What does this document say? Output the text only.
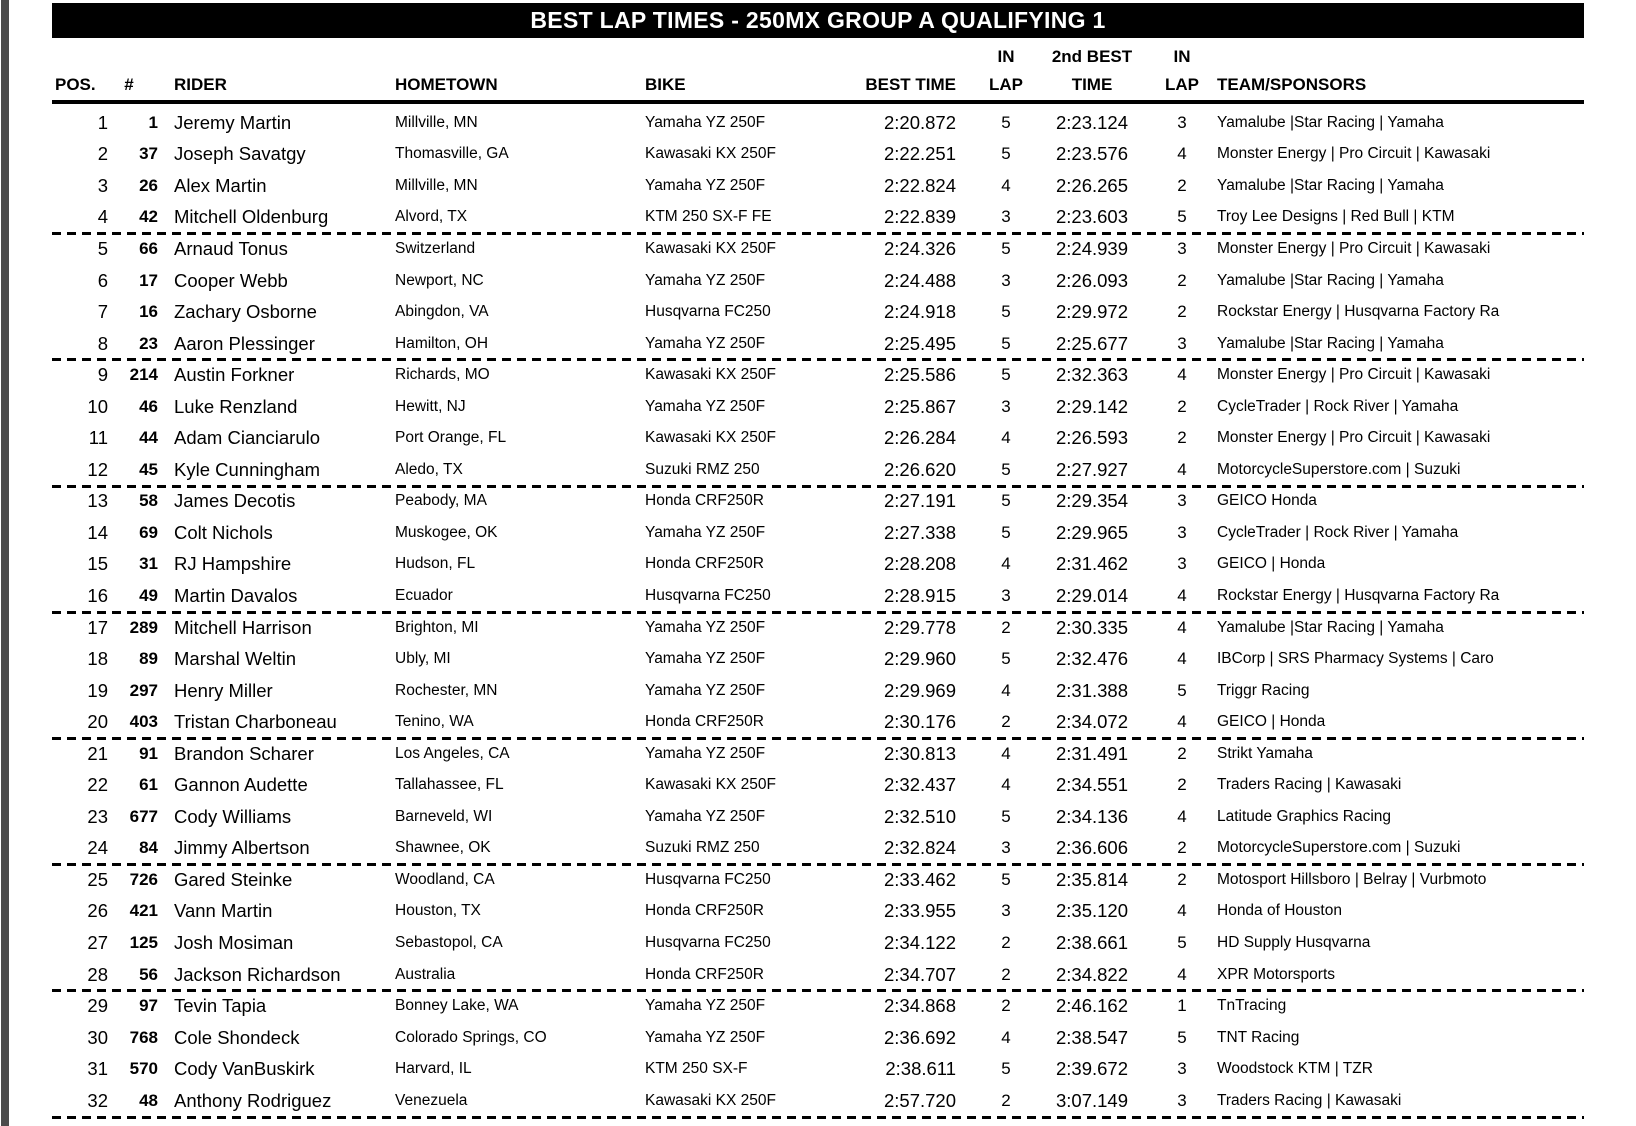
BEST LAP TIMES - 250MX GROUP A QUALIFYING 1
IN	2nd BEST	IN
POS.	#	RIDER	HOMETOWN	BIKE	BEST TIME	LAP	TIME	LAP	TEAM/SPONSORS
1	1 Jeremy Martin	Millville, MN	Yamaha YZ 250F	2:20.872	5	2:23.124	3	Yamalube |Star Racing | Yamaha
2	37 Joseph Savatgy	Thomasville, GA	Kawasaki KX 250F	2:22.251	5	2:23.576	4	Monster Energy | Pro Circuit | Kawasaki
3	26 Alex Martin	Millville, MN	Yamaha YZ 250F	2:22.824	4	2:26.265	2	Yamalube |Star Racing | Yamaha
4	42 Mitchell Oldenburg	Alvord, TX	KTM 250 SX-F FE	2:22.839	3	2:23.603	5	Troy Lee Designs | Red Bull | KTM
5	66 Arnaud Tonus	Switzerland	Kawasaki KX 250F	2:24.326	5	2:24.939	3	Monster Energy | Pro Circuit | Kawasaki
6	17 Cooper Webb	Newport, NC	Yamaha YZ 250F	2:24.488	3	2:26.093	2	Yamalube |Star Racing | Yamaha
7	16 Zachary Osborne	Abingdon, VA	Husqvarna FC250	2:24.918	5	2:29.972	2	Rockstar Energy | Husqvarna Factory Ra
8	23 Aaron Plessinger	Hamilton, OH	Yamaha YZ 250F	2:25.495	5	2:25.677	3	Yamalube |Star Racing | Yamaha
9	214 Austin Forkner	Richards, MO	Kawasaki KX 250F	2:25.586	5	2:32.363	4	Monster Energy | Pro Circuit | Kawasaki
10	46 Luke Renzland	Hewitt, NJ	Yamaha YZ 250F	2:25.867	3	2:29.142	2	CycleTrader | Rock River | Yamaha
11	44 Adam Cianciarulo	Port Orange, FL	Kawasaki KX 250F	2:26.284	4	2:26.593	2	Monster Energy | Pro Circuit | Kawasaki
12	45 Kyle Cunningham	Aledo, TX	Suzuki RMZ 250	2:26.620	5	2:27.927	4	MotorcycleSuperstore.com | Suzuki
13	58 James Decotis	Peabody, MA	Honda CRF250R	2:27.191	5	2:29.354	3	GEICO Honda
14	69 Colt Nichols	Muskogee, OK	Yamaha YZ 250F	2:27.338	5	2:29.965	3	CycleTrader | Rock River | Yamaha
15	31 RJ Hampshire	Hudson, FL	Honda CRF250R	2:28.208	4	2:31.462	3	GEICO | Honda
16	49 Martin Davalos	Ecuador	Husqvarna FC250	2:28.915	3	2:29.014	4	Rockstar Energy | Husqvarna Factory Ra
17	289 Mitchell Harrison	Brighton, MI	Yamaha YZ 250F	2:29.778	2	2:30.335	4	Yamalube |Star Racing | Yamaha
18	89 Marshal Weltin	Ubly, MI	Yamaha YZ 250F	2:29.960	5	2:32.476	4	IBCorp | SRS Pharmacy Systems | Caro
19	297 Henry Miller	Rochester, MN	Yamaha YZ 250F	2:29.969	4	2:31.388	5	Triggr Racing
20	403 Tristan Charboneau	Tenino, WA	Honda CRF250R	2:30.176	2	2:34.072	4	GEICO | Honda
21	91 Brandon Scharer	Los Angeles, CA	Yamaha YZ 250F	2:30.813	4	2:31.491	2	Strikt Yamaha
22	61 Gannon Audette	Tallahassee, FL	Kawasaki KX 250F	2:32.437	4	2:34.551	2	Traders Racing | Kawasaki
23	677 Cody Williams	Barneveld, WI	Yamaha YZ 250F	2:32.510	5	2:34.136	4	Latitude Graphics Racing
24	84 Jimmy Albertson	Shawnee, OK	Suzuki RMZ 250	2:32.824	3	2:36.606	2	MotorcycleSuperstore.com | Suzuki
25	726 Gared Steinke	Woodland, CA	Husqvarna FC250	2:33.462	5	2:35.814	2	Motosport Hillsboro | Belray | Vurbmoto
26	421 Vann Martin	Houston, TX	Honda CRF250R	2:33.955	3	2:35.120	4	Honda of Houston
27	125 Josh Mosiman	Sebastopol, CA	Husqvarna FC250	2:34.122	2	2:38.661	5	HD Supply Husqvarna
28	56 Jackson Richardson	Australia	Honda CRF250R	2:34.707	2	2:34.822	4	XPR Motorsports
29	97 Tevin Tapia	Bonney Lake, WA	Yamaha YZ 250F	2:34.868	2	2:46.162	1	TnTracing
30	768 Cole Shondeck	Colorado Springs, CO	Yamaha YZ 250F	2:36.692	4	2:38.547	5	TNT Racing
31	570 Cody VanBuskirk	Harvard, IL	KTM 250 SX-F	2:38.611	5	2:39.672	3	Woodstock KTM | TZR
32	48 Anthony Rodriguez	Venezuela	Kawasaki KX 250F	2:57.720	2	3:07.149	3	Traders Racing | Kawasaki
